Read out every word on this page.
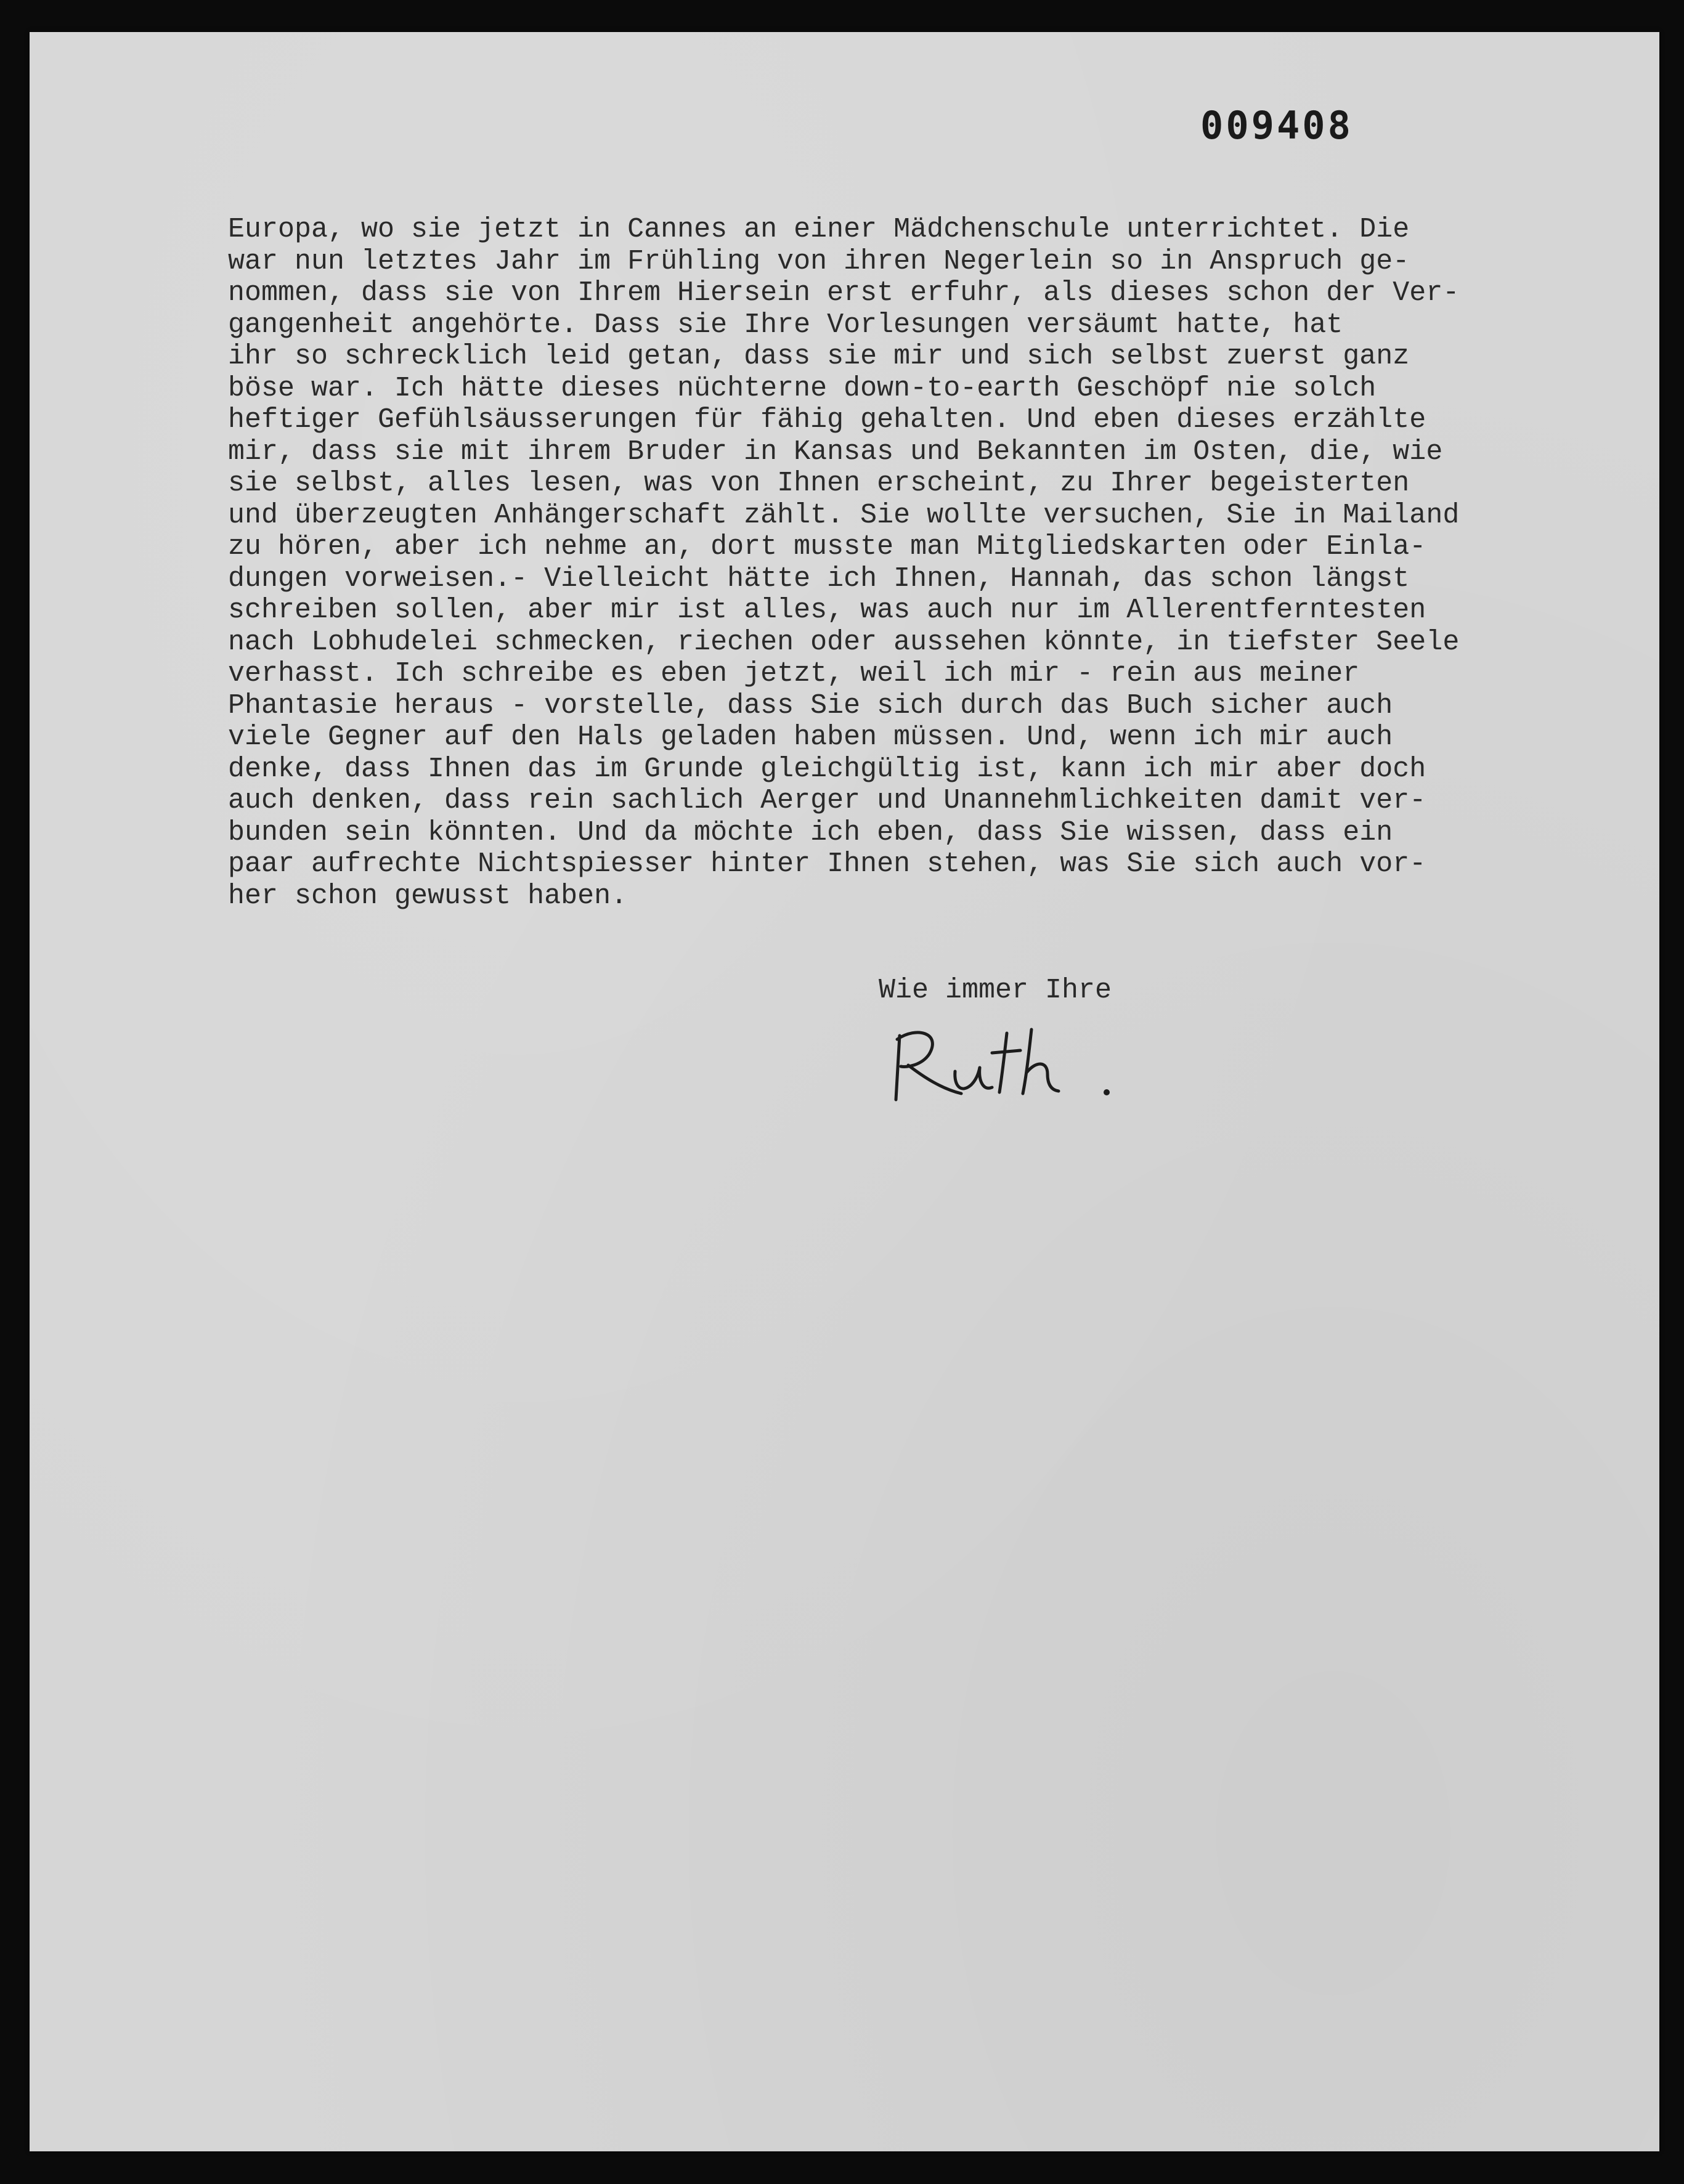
009408
Europa, wo sie jetzt in Cannes an einer Mädchenschule unterrichtet. Die
war nun letztes Jahr im Frühling von ihren Negerlein so in Anspruch ge-
nommen, dass sie von Ihrem Hiersein erst erfuhr, als dieses schon der Ver-
gangenheit angehörte. Dass sie Ihre Vorlesungen versäumt hatte, hat
ihr so schrecklich leid getan, dass sie mir und sich selbst zuerst ganz
böse war. Ich hätte dieses nüchterne down-to-earth Geschöpf nie solch
heftiger Gefühlsäusserungen für fähig gehalten. Und eben dieses erzählte
mir, dass sie mit ihrem Bruder in Kansas und Bekannten im Osten, die, wie
sie selbst, alles lesen, was von Ihnen erscheint, zu Ihrer begeisterten
und überzeugten Anhängerschaft zählt. Sie wollte versuchen, Sie in Mailand
zu hören, aber ich nehme an, dort musste man Mitgliedskarten oder Einla-
dungen vorweisen.- Vielleicht hätte ich Ihnen, Hannah, das schon längst
schreiben sollen, aber mir ist alles, was auch nur im Allerentferntesten
nach Lobhudelei schmecken, riechen oder aussehen könnte, in tiefster Seele
verhasst. Ich schreibe es eben jetzt, weil ich mir - rein aus meiner
Phantasie heraus - vorstelle, dass Sie sich durch das Buch sicher auch
viele Gegner auf den Hals geladen haben müssen. Und, wenn ich mir auch
denke, dass Ihnen das im Grunde gleichgültig ist, kann ich mir aber doch
auch denken, dass rein sachlich Aerger und Unannehmlichkeiten damit ver-
bunden sein könnten. Und da möchte ich eben, dass Sie wissen, dass ein
paar aufrechte Nichtspiesser hinter Ihnen stehen, was Sie sich auch vor-
her schon gewusst haben.
Wie immer Ihre
